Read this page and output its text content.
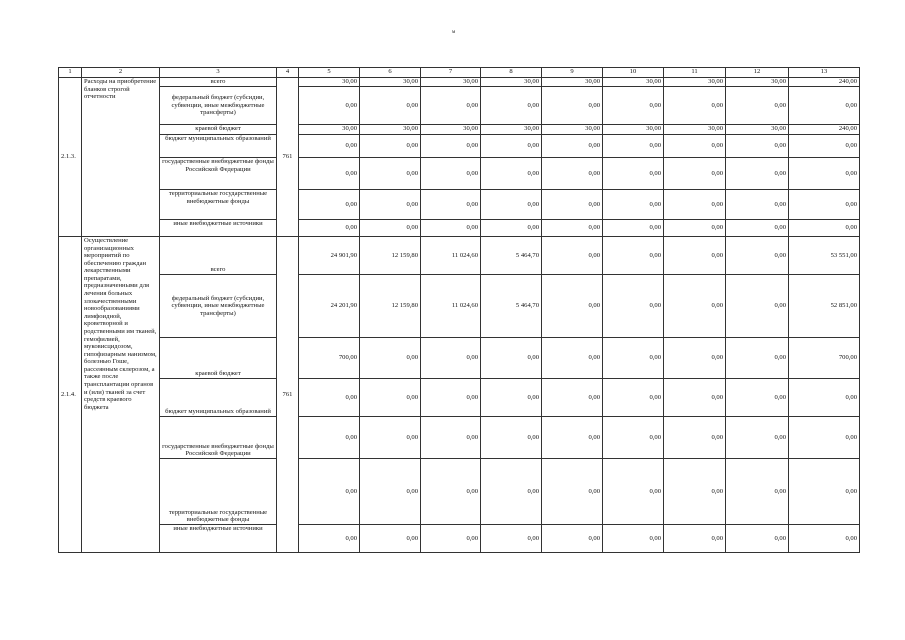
м
1	2	3	4	5	6	7	8	9	10	11	12	13
2.1.3.	Расходы на приобретение бланков строгой отчетности	всего	761	30,00	30,00	30,00	30,00	30,00	30,00	30,00	30,00	240,00
		федеральный бюджет (субсидии, субвенции, иные межбюджетные трансферты)		0,00	0,00	0,00	0,00	0,00	0,00	0,00	0,00	0,00
		краевой бюджет		30,00	30,00	30,00	30,00	30,00	30,00	30,00	30,00	240,00
		бюджет муниципальных образований		0,00	0,00	0,00	0,00	0,00	0,00	0,00	0,00	0,00
		государственные внебюджетные фонды Российской Федерации		0,00	0,00	0,00	0,00	0,00	0,00	0,00	0,00	0,00
		территориальные государственные внебюджетные фонды		0,00	0,00	0,00	0,00	0,00	0,00	0,00	0,00	0,00
		иные внебюджетные источники		0,00	0,00	0,00	0,00	0,00	0,00	0,00	0,00	0,00
2.1.4.	Осуществление организационных мероприятий по обеспечению граждан лекарственными препаратами, предназначенными для лечения больных злокачественными новообразованиями лимфоидной, кроветворной и родственными им тканей, гемофилией, муковисцидозом, гипофизарным нанизмом, болезнью Гоше, рассеянным склерозом, а также после трансплантации органов и (или) тканей за счет средств краевого бюджета	всего	761	24 901,90	12 159,80	11 024,60	5 464,70	0,00	0,00	0,00	0,00	53 551,00
		федеральный бюджет (субсидии, субвенции, иные межбюджетные трансферты)		24 201,90	12 159,80	11 024,60	5 464,70	0,00	0,00	0,00	0,00	52 851,00
		краевой бюджет		700,00	0,00	0,00	0,00	0,00	0,00	0,00	0,00	700,00
		бюджет муниципальных образований		0,00	0,00	0,00	0,00	0,00	0,00	0,00	0,00	0,00
		государственные внебюджетные фонды Российской Федерации		0,00	0,00	0,00	0,00	0,00	0,00	0,00	0,00	0,00
		территориальные государственные внебюджетные фонды		0,00	0,00	0,00	0,00	0,00	0,00	0,00	0,00	0,00
		иные внебюджетные источники		0,00	0,00	0,00	0,00	0,00	0,00	0,00	0,00	0,00
